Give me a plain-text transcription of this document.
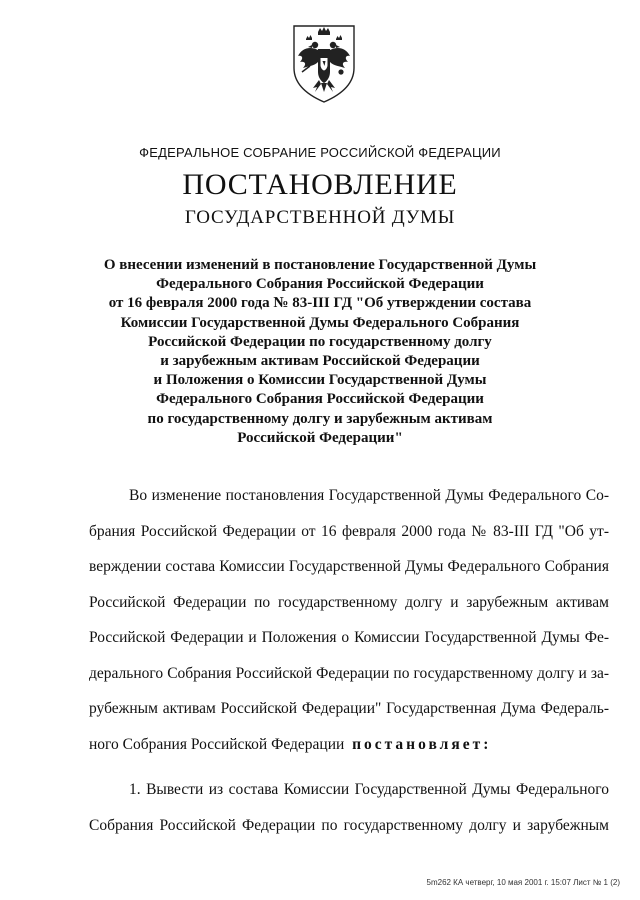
ФЕДЕРАЛЬНОЕ СОБРАНИЕ РОССИЙСКОЙ ФЕДЕРАЦИИ
ПОСТАНОВЛЕНИЕ
ГОСУДАРСТВЕННОЙ ДУМЫ
О внесении изменений в постановление Государственной Думы
Федерального Собрания Российской Федерации
от 16 февраля 2000 года № 83-III ГД "Об утверждении состава
Комиссии Государственной Думы Федерального Собрания
Российской Федерации по государственному долгу
и зарубежным активам Российской Федерации
и Положения о Комиссии Государственной Думы
Федерального Собрания Российской Федерации
по государственному долгу и зарубежным активам
Российской Федерации"
Во изменение постановления Государственной Думы Федерального Со-
брания Российской Федерации от 16 февраля 2000 года № 83-III ГД "Об ут-
верждении состава Комиссии Государственной Думы Федерального Собрания
Российской Федерации по государственному долгу и зарубежным активам
Российской Федерации и Положения о Комиссии Государственной Думы Фе-
дерального Собрания Российской Федерации по государственному долгу и за-
рубежным активам Российской Федерации" Государственная Дума Федераль-
ного Собрания Российской Федерации постановляет:
1. Вывести из состава Комиссии Государственной Думы Федерального
Собрания Российской Федерации по государственному долгу и зарубежным
5m262 КА четверг, 10 мая 2001 г. 15:07 Лист № 1 (2)
